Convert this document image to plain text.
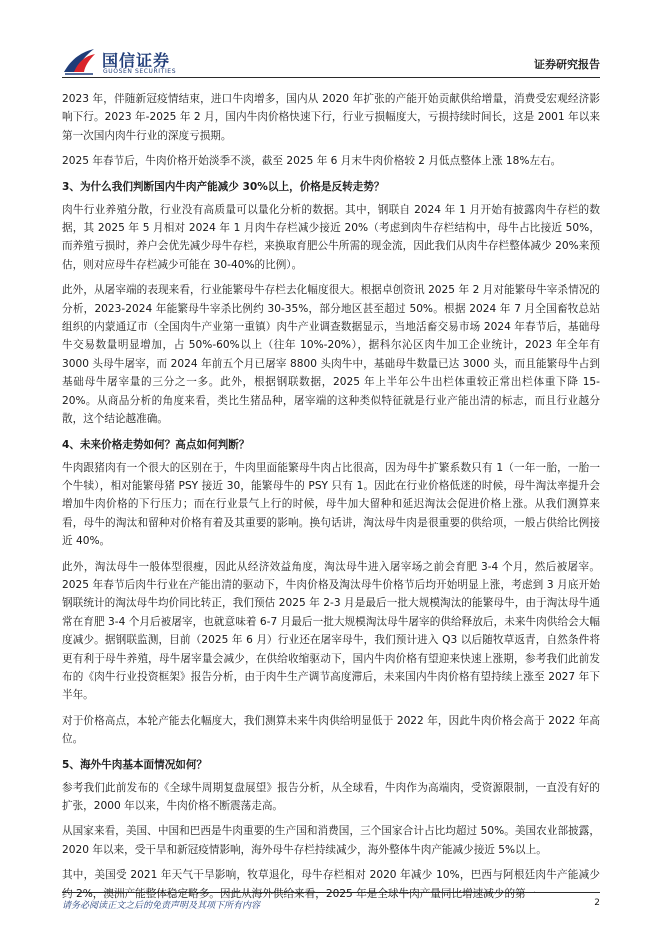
国信证券
GUOSEN SECURITIES
证券研究报告

2023 年，伴随新冠疫情结束，进口牛肉增多，国内从 2020 年扩张的产能开始贡献供给增量，消费受宏观经济影响下行。2023 年-2025 年 2 月，国内牛肉价格快速下行，行业亏损幅度大，亏损持续时间长，这是 2001 年以来第一次国内肉牛行业的深度亏损期。

2025 年春节后，牛肉价格开始淡季不淡，截至 2025 年 6 月末牛肉价格较 2 月低点整体上涨 18%左右。

3、为什么我们判断国内牛肉产能减少 30%以上，价格是反转走势？

肉牛行业养殖分散，行业没有高质量可以量化分析的数据。其中，钢联自 2024 年 1 月开始有披露肉牛存栏的数据，其 2025 年 5 月相对 2024 年 1 月肉牛存栏减少接近 20%（考虑到肉牛存栏结构中，母牛占比接近 50%，而养殖亏损时，养户会优先减少母牛存栏，来换取育肥公牛所需的现金流，因此我们从肉牛存栏整体减少 20%来预估，则对应母牛存栏减少可能在 30-40%的比例）。

此外，从屠宰端的表现来看，行业能繁母牛存栏去化幅度很大。根据卓创资讯 2025 年 2 月对能繁母牛宰杀情况的分析，2023-2024 年能繁母牛宰杀比例约 30-35%，部分地区甚至超过 50%。根据 2024 年 7 月全国畜牧总站组织的内蒙通辽市（全国肉牛产业第一重镇）肉牛产业调查数据显示，当地活畜交易市场 2024 年春节后，基础母牛交易数量明显增加，占 50%-60%以上（往年 10%-20%），据科尔沁区肉牛加工企业统计，2023 年全年有 3000 头母牛屠宰，而 2024 年前五个月已屠宰 8800 头肉牛中，基础母牛数量已达 3000 头，而且能繁母牛占到基础母牛屠宰量的三分之一多。此外，根据钢联数据，2025 年上半年公牛出栏体重较正常出栏体重下降 15-20%。从商品分析的角度来看，类比生猪品种，屠宰端的这种类似特征就是行业产能出清的标志，而且行业越分散，这个结论越准确。

4、未来价格走势如何？高点如何判断？

牛肉跟猪肉有一个很大的区别在于，牛肉里面能繁母牛肉占比很高，因为母牛扩繁系数只有 1（一年一胎，一胎一个牛犊），相对能繁母猪 PSY 接近 30，能繁母牛的 PSY 只有 1。因此在行业价格低迷的时候，母牛淘汰率提升会增加牛肉价格的下行压力；而在行业景气上行的时候，母牛加大留种和延迟淘汰会促进价格上涨。从我们测算来看，母牛的淘汰和留种对价格有着及其重要的影响。换句话讲，淘汰母牛肉是很重要的供给项，一般占供给比例接近 40%。

此外，淘汰母牛一般体型很瘦，因此从经济效益角度，淘汰母牛进入屠宰场之前会育肥 3-4 个月，然后被屠宰。2025 年春节后肉牛行业在产能出清的驱动下，牛肉价格及淘汰母牛价格节后均开始明显上涨，考虑到 3 月底开始钢联统计的淘汰母牛均价同比转正，我们预估 2025 年 2-3 月是最后一批大规模淘汰的能繁母牛，由于淘汰母牛通常在育肥 3-4 个月后被屠宰，也就意味着 6-7 月最后一批大规模淘汰母牛屠宰的供给释放后，未来牛肉供给会大幅度减少。据钢联监测，目前（2025 年 6 月）行业还在屠宰母牛，我们预计进入 Q3 以后随牧草返青，自然条件将更有利于母牛养殖，母牛屠宰量会减少，在供给收缩驱动下，国内牛肉价格有望迎来快速上涨期，参考我们此前发布的《肉牛行业投资框架》报告分析，由于肉牛生产调节高度滞后，未来国内牛肉价格有望持续上涨至 2027 年下半年。

对于价格高点，本轮产能去化幅度大，我们测算未来牛肉供给明显低于 2022 年，因此牛肉价格会高于 2022 年高位。

5、海外牛肉基本面情况如何？

参考我们此前发布的《全球牛周期复盘展望》报告分析，从全球看，牛肉作为高端肉，受资源限制，一直没有好的扩张，2000 年以来，牛肉价格不断震荡走高。

从国家来看，美国、中国和巴西是牛肉重要的生产国和消费国，三个国家合计占比均超过 50%。美国农业部披露，2020 年以来，受干旱和新冠疫情影响，海外母牛存栏持续减少，海外整体牛肉产能减少接近 5%以上。

其中，美国受 2021 年天气干旱影响，牧草退化，母牛存栏相对 2020 年减少 10%，巴西与阿根廷肉牛产能减少约 2%，澳洲产能整体稳定略多。因此从海外供给来看，2025 年是全球牛肉产量同比增速减少的第一

请务必阅读正文之后的免责声明及其项下所有内容	2
